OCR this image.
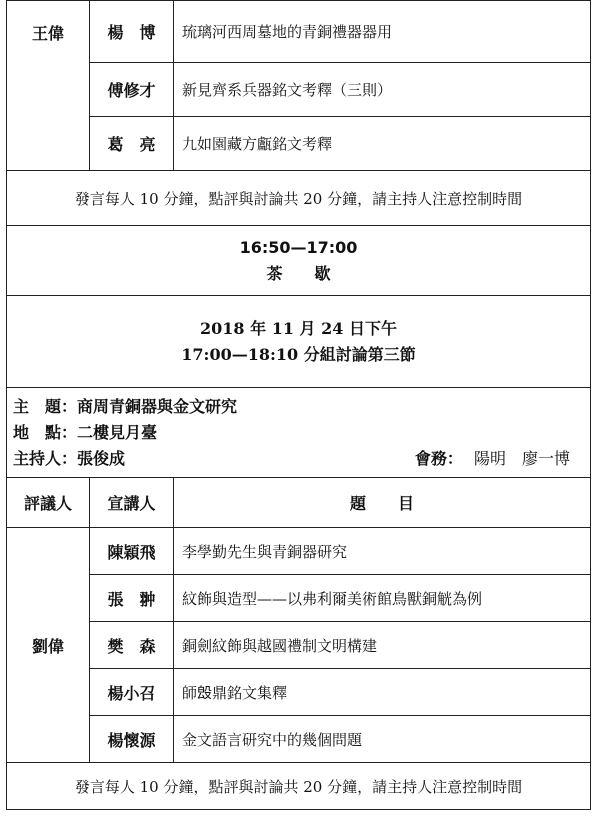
王偉	楊　博	琉璃河西周墓地的青銅禮器器用
	傅修才	新見齊系兵器銘文考釋（三則）
	葛　亮	九如園藏方甗銘文考釋
發言每人 10 分鐘，點評與討論共 20 分鐘，請主持人注意控制時間		

16:50—17:00
茶　　歇		

2018 年 11 月 24 日下午
17:00—18:10 分組討論第三節		

主　題：商周青銅器與金文研究
地　點：二樓見月臺
主持人：張俊成 會務： 陽明　廖一博		

評議人	宣講人	題　　目
劉偉	陳穎飛	李學勤先生與青銅器研究
	張　翀	紋飾與造型——以弗利爾美術館鳥獸銅觥為例
	樊　森	銅劍紋飾與越國禮制文明構建
	楊小召	師𣪕鼎銘文集釋
	楊懷源	金文語言研究中的幾個問題
發言每人 10 分鐘，點評與討論共 20 分鐘，請主持人注意控制時間		
